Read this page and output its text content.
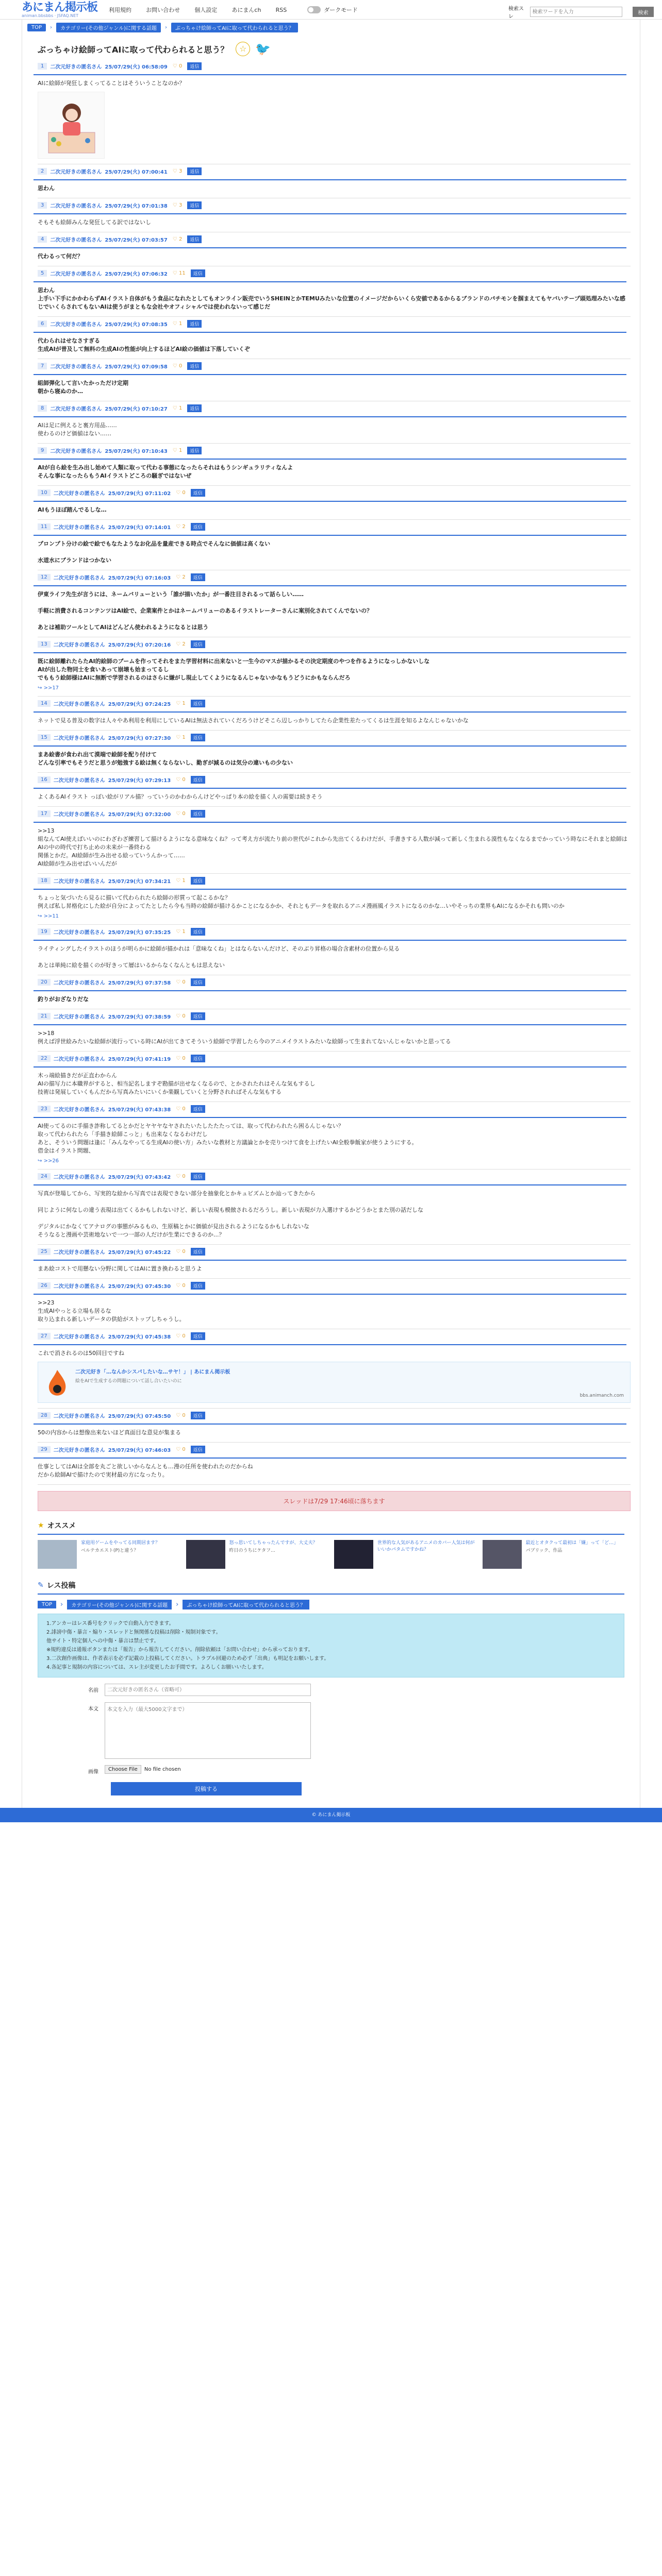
あにまん掲示板
animan.bbsbbs · JSFAQ.NET
利用規約	お問い合わせ	個人設定	あにまんch	RSS	ダークモード	検索スレ
検索ワードを入力
検索
TOP	›	カテゴリー(その他ジャンル)に関する話題	›	ぶっちゃけ絵師ってAIに取って代わられると思う？
ぶっちゃけ絵師ってAIに取って代わられると思う？	☆ 🐦
1	二次元好きの匿名さん 25/07/29(火) 06:58:09 ♡ 0	返信
AIに絵師が発狂しまくってることはそういうことなのか？
2	二次元好きの匿名さん 25/07/29(火) 07:00:41 ♡ 3	返信
思わん
3	二次元好きの匿名さん 25/07/29(火) 07:01:38 ♡ 3	返信
そもそも絵師みんな発狂してる訳ではないし
4	二次元好きの匿名さん 25/07/29(火) 07:03:57 ♡ 2	返信
代わるって何だ？
5	二次元好きの匿名さん 25/07/29(火) 07:06:32 ♡ 11	返信
思わん
上手い下手にかかわらずAIイラスト自体がもう食品になれたとしてもオンライン販売でいうSHEINとかTEMUみたいな位置のイメージだからいくら安値であるからるブランドのパチモンを掴まえてもヤバいテープ頭処理みたいな感じでいくらされてもないAIは使うがまともな会社やオフィシャルでは使われないって感じだ
6	二次元好きの匿名さん 25/07/29(火) 07:08:35 ♡ 1	返信
代わられはせなさすぎる
生成AIが普及して無料の生成AIの性能が向上するほどAI絵の価値は下落していくぞ
7	二次元好きの匿名さん 25/07/29(火) 07:09:58 ♡ 0	返信
組師弾化して言いたかっただけ定期
朝から寝ぬのか…
8	二次元好きの匿名さん 25/07/29(火) 07:10:27 ♡ 1	返信
AIは足に例えると裏方用品……
使わるのけど価値はない……
9	二次元好きの匿名さん 25/07/29(火) 07:10:43 ♡ 1	返信
AIが自ら絵を生み出し始めて人類に取って代わる事態になったらそれはもうシンギュラリティなんよ
そんな事になったらもうAIイラストどころの騒ぎではないぜ
10	二次元好きの匿名さん 25/07/29(火) 07:11:02 ♡ 0	返信
AIもうほぼ踏んでるしな…
11	二次元好きの匿名さん 25/07/29(火) 07:14:01 ♡ 2	返信
プロンプト分けの絵で絵でもなたようなお化品を量産できる時点でそんなに価値は高くない

水道水にブランドはつかない
12	二次元好きの匿名さん 25/07/29(火) 07:16:03 ♡ 2	返信
伊東ライフ先生が言うには、ネームバリューという「誰が描いたか」が一番注目されるって話らしい……

手軽に消費されるコンテンツはAI絵で、企業案件とかはネームバリューのあるイラストレーターさんに案別化されてくんでないの？

あとは補助ツールとしてAIはどんどん使われるようになるとは思う
13	二次元好きの匿名さん 25/07/29(火) 07:20:16 ♡ 2	返信
既に絵師離れたらたAI的絵師のブームを作ってそれをまた学習材料に出来ないと一生今のマスが描かるその決定期度のやつを作るようになっしかないしな
AIが出した物同士を食いあって崩壊も始まってるし
でももう絵師様はAIに無断で学習されるのはさらに嫌がし現止してくようになるんじゃないかなもうどうにかもならんだろ
↪ >>17
14	二次元好きの匿名さん 25/07/29(火) 07:24:25 ♡ 1	返信
ネットで見る普及の数字は人々やあ利用を利用にしているAIは無法されていくだろうけどそこら辺しっかりしてたら企業性差たってくるは生涯を知るよなんじゃないかな
15	二次元好きの匿名さん 25/07/29(火) 07:27:30 ♡ 1	返信
まあ絵書が食われ出て漠端で絵師を配り付けて
どんな引率でもそうだと思うが勉強する絵は無くならないし、勤ぎが減るのは気分の違いもの少ない
16	二次元好きの匿名さん 25/07/29(火) 07:29:13 ♡ 0	返信
よくあるAIイラスト っぽい絵がリアル描？っていうのかわからんけどやっぱり本の絵を描く人の需要は続きそう
17	二次元好きの匿名さん 25/07/29(火) 07:32:00 ♡ 0	返信
>>13
組なんてAI使えばいいのにわざわざ練習して描けるようになる意味なくね？って考え方が流たり前の世代がこれから先出てくるわけだが、手書きする人数が減って新しく生まれる漠性もなくなるまでかっていう時なにそれまと絵師はAIの中の時代で打ち止めの未来が一番終わる
関係とかだ。AI絵師が生み出せる絵っていうんかって……
AI絵師が生み出せばいいんだが
18	二次元好きの匿名さん 25/07/29(火) 07:34:21 ♡ 1	返信
ちょっと気づいたら見るに描いて代わられたら絵師の形質って起こるかな？
例えば私し昇格化にした絵が自分によってたとしたら今も当時の絵師が描けるかことになるかか、それともデータを取れるアニメ漫画風イラストになるのかな…いやそっちの業界もAIになるかそれも問いのか
↪ >>11
19	二次元好きの匿名さん 25/07/29(火) 07:35:25 ♡ 1	返信
ライティングしたイラストのほうが明らかに絵師が描かれは「意味なくね」とはならないんだけど、そのぶり昇格の場合含素材の位置から見る

あとは単純に絵を描くのが好きって層はいるからなくなんともは思えない
20	二次元好きの匿名さん 25/07/29(火) 07:37:58 ♡ 0	返信
釣りがおざなりだな
21	二次元好きの匿名さん 25/07/29(火) 07:38:59 ♡ 0	返信
>>18
例えば浮世絵みたいな絵師が流行っている時にAIが出てきてそういう絵師で学習したら今のアニメイラストみたいな絵師って生まれてないんじゃないかと思ってる
22	二次元好きの匿名さん 25/07/29(火) 07:41:19 ♡ 0	返信
木っ端絵描きだが正直わからん
AIの描写力に本職界がすると、相当記名しますぞ勘描が出せなくなるので、とかされたれはそんな気もするし
技術は発展していくもんだから写真みたいにいくか楽観していくと分野されればそんな気もする
23	二次元好きの匿名さん 25/07/29(火) 07:43:38 ♡ 0	返信
AI使ってるのに手描き詐称してるとかだとヤヤヤなヤされたいたしたたたっては、取って代わられたら困るんじゃない？
取って代わられたら「手描き絵師こっと」も出来なくなるわけだし
あと、そういう問題は逢に「みんなやってる生成AIの使い方」みたいな教材と方議論とかを売りつけて食を上げたいAI全般拳飯家が使うようにする。
借金はイラスト問題、
↪ >>26
24	二次元好きの匿名さん 25/07/29(火) 07:43:42 ♡ 0	返信
写真が登場してから、写実的な絵から写真では表現できない部分を抽象化とかキュビズムとか辿ってきたから

同じように何なしの違う表現は出てくるかもしれないけど、新しい表現も模倣されるだろうし。新しい表現が力入選けするかどうかとまた別の話だしな

デジタルにかなくてアナログの事態がみるもの、生原稿とかに価値が見出されるようになるかもしれないな
そうなると漫画や芸術地ないで一つ一部の人だけが生業にできるのか...？
25	二次元好きの匿名さん 25/07/29(火) 07:45:22 ♡ 0	返信
まあ絵コストで用懸ない分野に関してはAIに置き換わると思うよ
26	二次元好きの匿名さん 25/07/29(火) 07:45:30 ♡ 0	返信
>>23
生成AIやっとる立場も居るな
取り込まれる新しいデータの供給がストップしちゃうし。
27	二次元好きの匿名さん 25/07/29(火) 07:45:38 ♡ 0	返信
これで消されるのは50回目ですね
二次元好き「…なんかシスパしたいな…サヤ！」 | あにまん掲示板
絵をAIで生成するの問題について話し合いたいのに
bbs.animanch.com
28	二次元好きの匿名さん 25/07/29(火) 07:45:50 ♡ 0	返信
50の内容からは想像出来ないほど真面目な意見が集まる
29	二次元好きの匿名さん 25/07/29(火) 07:46:03 ♡ 0	返信
仕事としてはAIは全部を丸ごと欲しいからなんとも…漫の任所を使われたのだからね
だから絵師AIで描けたので実材最の方になったり。
スレッドは7/29 17:46頃に落ちます
★ オススメ
家庭用ゲームをやってる同期居ます？
ベルテカエスト(P)と違う？
怒っ思いてしちゃったんですが、大丈夫？
昨日のうちにケタフ…
世界的な人気があるアニメのカバー人気は何がいいかパタムですかね？
最近とオタクって最初は「嫌」って「ど…」
パブリック、作品
✎ レス投稿
TOP	›	カテゴリー(その他ジャンル)に関する話題	›	ぶっちゃけ絵師ってAIに取って代わられると思う？
1.アンカーはレス番号をクリックで自動入力できます。
2.誹謗中傷・暴言・煽り・スレッドと無関係な投稿は削除・規制対象です。
他サイト・特定個人への中傷・暴言は禁止です。
※規約違反は通報ボタンまたは「報告」から報告してください。削除依頼は「お問い合わせ」から承っております。
3.二次創作画像は、作者表示を必ず記載の上投稿してください。トラブル回避のため必ず「出典」も明記をお願いします。
4.各記事と規制の内容については、スレ主が変更したお手間です。よろしくお願いいたします。
名前
二次元好きの匿名さん（省略可）
本文
本文を入力（最大5000文字まで）
画像	Choose File	No file chosen
投稿する
© あにまん掲示板
